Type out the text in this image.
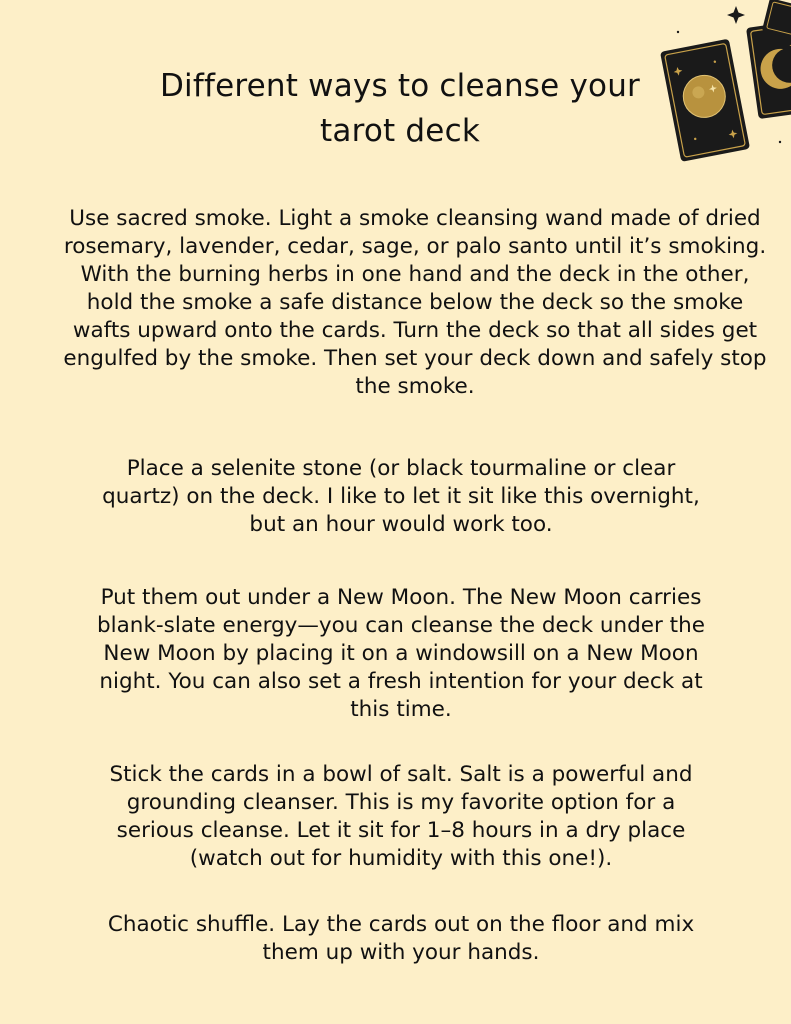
Different ways to cleanse your tarot deck

Use sacred smoke. Light a smoke cleansing wand made of dried rosemary, lavender, cedar, sage, or palo santo until it’s smoking. With the burning herbs in one hand and the deck in the other, hold the smoke a safe distance below the deck so the smoke wafts upward onto the cards. Turn the deck so that all sides get engulfed by the smoke. Then set your deck down and safely stop the smoke.

Place a selenite stone (or black tourmaline or clear quartz) on the deck. I like to let it sit like this overnight, but an hour would work too.

Put them out under a New Moon. The New Moon carries blank-slate energy—you can cleanse the deck under the New Moon by placing it on a windowsill on a New Moon night. You can also set a fresh intention for your deck at this time.

Stick the cards in a bowl of salt. Salt is a powerful and grounding cleanser. This is my favorite option for a serious cleanse. Let it sit for 1–8 hours in a dry place (watch out for humidity with this one!).

Chaotic shuffle. Lay the cards out on the floor and mix them up with your hands.
